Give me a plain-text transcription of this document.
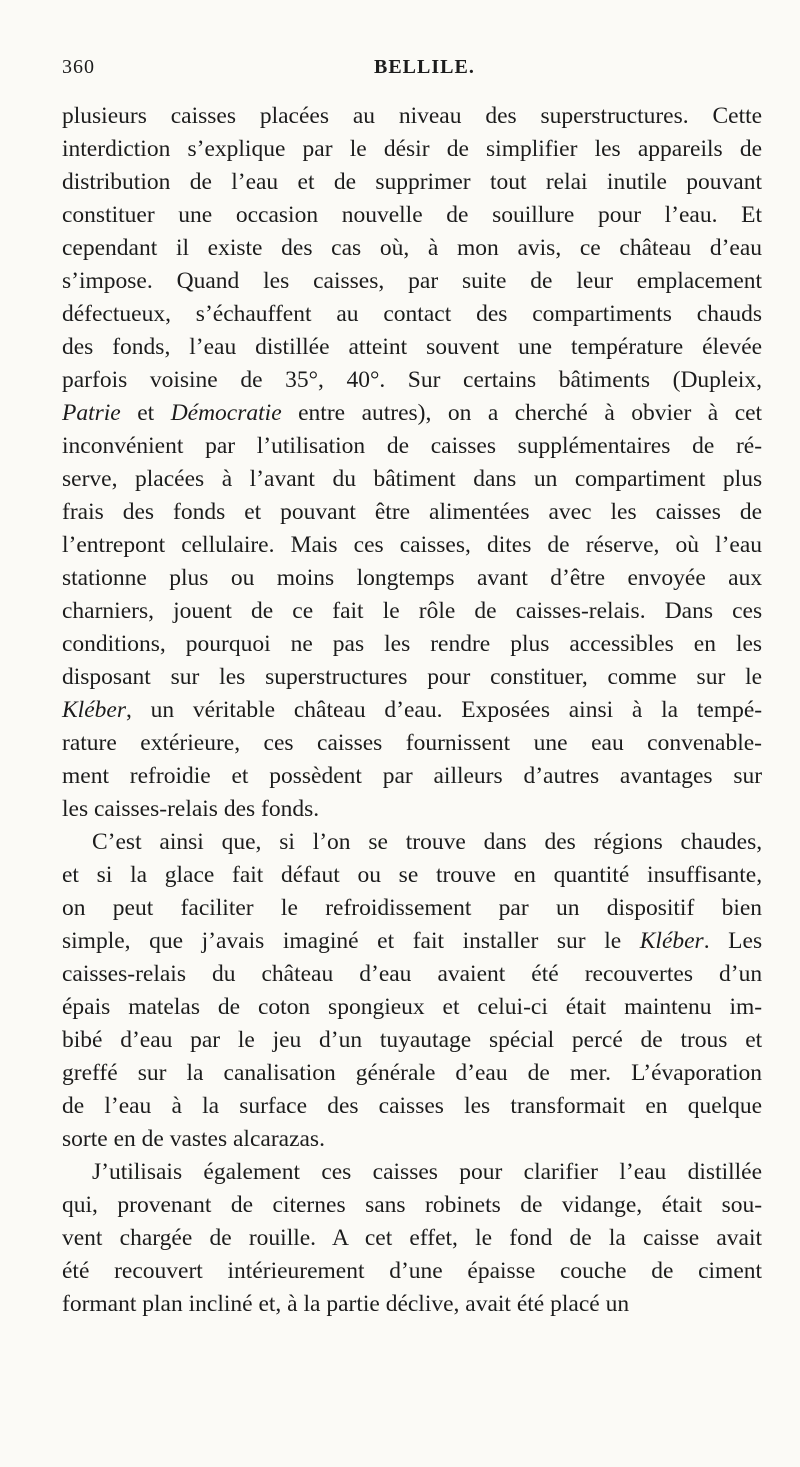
360	BELLILE.
plusieurs caisses placées au niveau des superstructures. Cette
interdiction s’explique par le désir de simplifier les appareils de
distribution de l’eau et de supprimer tout relai inutile pouvant
constituer une occasion nouvelle de souillure pour l’eau. Et
cependant il existe des cas où, à mon avis, ce château d’eau
s’impose. Quand les caisses, par suite de leur emplacement
défectueux, s’échauffent au contact des compartiments chauds
des fonds, l’eau distillée atteint souvent une température élevée
parfois voisine de 35°, 40°. Sur certains bâtiments (Dupleix,
Patrie et Démocratie entre autres), on a cherché à obvier à cet
inconvénient par l’utilisation de caisses supplémentaires de ré-
serve, placées à l’avant du bâtiment dans un compartiment plus
frais des fonds et pouvant être alimentées avec les caisses de
l’entrepont cellulaire. Mais ces caisses, dites de réserve, où l’eau
stationne plus ou moins longtemps avant d’être envoyée aux
charniers, jouent de ce fait le rôle de caisses-relais. Dans ces
conditions, pourquoi ne pas les rendre plus accessibles en les
disposant sur les superstructures pour constituer, comme sur le
Kléber, un véritable château d’eau. Exposées ainsi à la tempé-
rature extérieure, ces caisses fournissent une eau convenable-
ment refroidie et possèdent par ailleurs d’autres avantages sur
les caisses-relais des fonds.
C’est ainsi que, si l’on se trouve dans des régions chaudes,
et si la glace fait défaut ou se trouve en quantité insuffisante,
on peut faciliter le refroidissement par un dispositif bien
simple, que j’avais imaginé et fait installer sur le Kléber. Les
caisses-relais du château d’eau avaient été recouvertes d’un
épais matelas de coton spongieux et celui-ci était maintenu im-
bibé d’eau par le jeu d’un tuyautage spécial percé de trous et
greffé sur la canalisation générale d’eau de mer. L’évaporation
de l’eau à la surface des caisses les transformait en quelque
sorte en de vastes alcarazas.
J’utilisais également ces caisses pour clarifier l’eau distillée
qui, provenant de citernes sans robinets de vidange, était sou-
vent chargée de rouille. A cet effet, le fond de la caisse avait
été recouvert intérieurement d’une épaisse couche de ciment
formant plan incliné et, à la partie déclive, avait été placé un
